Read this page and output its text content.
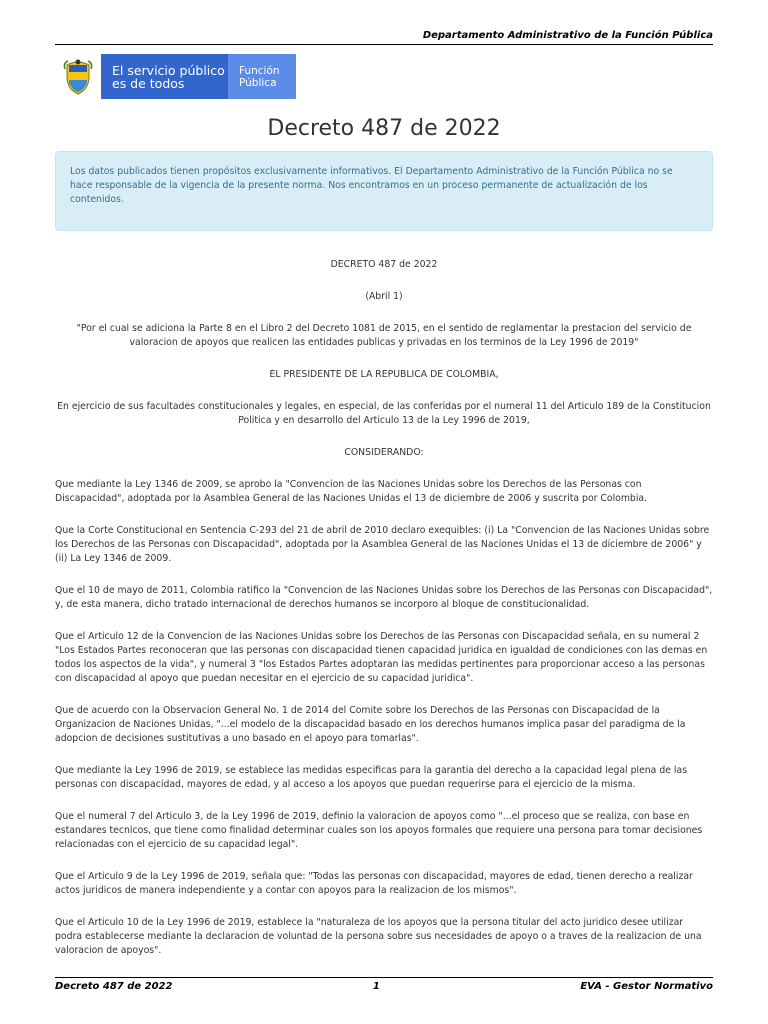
Departamento Administrativo de la Función Pública
El servicio público
es de todos
Función
Pública
Decreto 487 de 2022
Los datos publicados tienen propósitos exclusivamente informativos. El Departamento Administrativo de la Función Pública no se hace responsable de la vigencia de la presente norma. Nos encontramos en un proceso permanente de actualización de los contenidos.

DECRETO 487 de 2022

(Abril 1)

"Por el cual se adiciona la Parte 8 en el Libro 2 del Decreto 1081 de 2015, en el sentido de reglamentar la prestacion del servicio de valoracion de apoyos que realicen las entidades publicas y privadas en los terminos de la Ley 1996 de 2019"

EL PRESIDENTE DE LA REPUBLICA DE COLOMBIA,

En ejercicio de sus facultades constitucionales y legales, en especial, de las conferidas por el numeral 11 del Articulo 189 de la Constitucion Politica y en desarrollo del Articulo 13 de la Ley 1996 de 2019,

CONSIDERANDO:

Que mediante la Ley 1346 de 2009, se aprobo la "Convencion de las Naciones Unidas sobre los Derechos de las Personas con Discapacidad", adoptada por la Asamblea General de las Naciones Unidas el 13 de diciembre de 2006 y suscrita por Colombia.

Que la Corte Constitucional en Sentencia C-293 del 21 de abril de 2010 declaro exequibles: (i) La "Convencion de las Naciones Unidas sobre los Derechos de las Personas con Discapacidad", adoptada por la Asamblea General de las Naciones Unidas el 13 de diciembre de 2006" y (ii) La Ley 1346 de 2009.

Que el 10 de mayo de 2011, Colombia ratifico la "Convencion de las Naciones Unidas sobre los Derechos de las Personas con Discapacidad", y, de esta manera, dicho tratado internacional de derechos humanos se incorporo al bloque de constitucionalidad.

Que el Articulo 12 de la Convencion de las Naciones Unidas sobre los Derechos de las Personas con Discapacidad señala, en su numeral 2 "Los Estados Partes reconoceran que las personas con discapacidad tienen capacidad juridica en igualdad de condiciones con las demas en todos los aspectos de la vida", y numeral 3 "los Estados Partes adoptaran las medidas pertinentes para proporcionar acceso a las personas con discapacidad al apoyo que puedan necesitar en el ejercicio de su capacidad juridica".

Que de acuerdo con la Observacion General No. 1 de 2014 del Comite sobre los Derechos de las Personas con Discapacidad de la Organizacion de Naciones Unidas, "...el modelo de la discapacidad basado en los derechos humanos implica pasar del paradigma de la adopcion de decisiones sustitutivas a uno basado en el apoyo para tomarlas".

Que mediante la Ley 1996 de 2019, se establece las medidas especificas para la garantia del derecho a la capacidad legal plena de las personas con discapacidad, mayores de edad, y al acceso a los apoyos que puedan requerirse para el ejercicio de la misma.

Que el numeral 7 del Articulo 3, de la Ley 1996 de 2019, definio la valoracion de apoyos como "...el proceso que se realiza, con base en estandares tecnicos, que tiene como finalidad determinar cuales son los apoyos formales que requiere una persona para tomar decisiones relacionadas con el ejercicio de su capacidad legal".

Que el Articulo 9 de la Ley 1996 de 2019, señala que: "Todas las personas con discapacidad, mayores de edad, tienen derecho a realizar actos juridicos de manera independiente y a contar con apoyos para la realizacion de los mismos".

Que el Articulo 10 de la Ley 1996 de 2019, establece la "naturaleza de los apoyos que la persona titular del acto juridico desee utilizar podra establecerse mediante la declaracion de voluntad de la persona sobre sus necesidades de apoyo o a traves de la realizacion de una valoracion de apoyos".

Decreto 487 de 2022	1	EVA - Gestor Normativo
